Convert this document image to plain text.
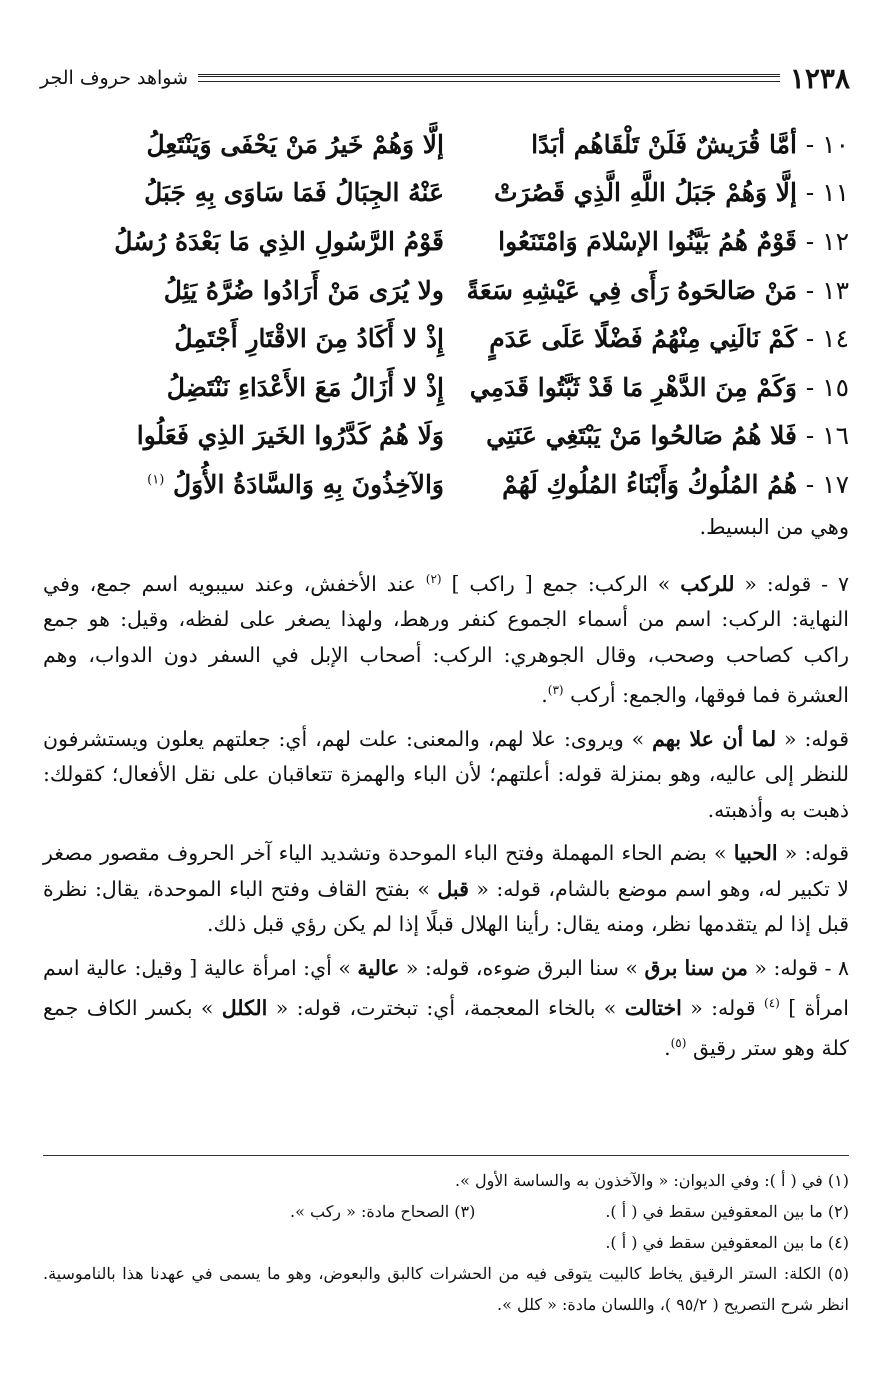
١٢٣٨
شواهد حروف الجر
١٠ - أمَّا قُرَيشٌ فَلَنْ تَلْقَاهُم أبَدًا
إلَّا وَهُمْ خَيرُ مَنْ يَحْفَى وَيَنْتَعِلُ
١١ - إلَّا وَهُمْ جَبَلُ اللَّهِ الَّذِي قَصُرَتْ
عَنْهُ الجِبَالُ فَمَا سَاوَى بِهِ جَبَلُ
١٢ - قَوْمٌ هُمُ بَيَّنُوا الإسْلامَ وَامْتَنَعُوا
قَوْمُ الرَّسُولِ الذِي مَا بَعْدَهُ رُسُلُ
١٣ - مَنْ صَالحَوهُ رَأَى فِي عَيْشِهِ سَعَةً
ولا يُرَى مَنْ أَرَادُوا ضُرَّهُ يَئِلُ
١٤ - كَمْ نَالَنِي مِنْهُمُ فَضْلًا عَلَى عَدَمٍ
إِذْ لا أَكَادُ مِنَ الاقْتَارِ أَجْتَمِلُ
١٥ - وَكَمْ مِنَ الدَّهْرِ مَا قَدْ ثَبَّتُوا قَدَمِي
إِذْ لا أَزَالُ مَعَ الأَعْدَاءِ نَنْتَضِلُ
١٦ - فَلا هُمُ صَالحُوا مَنْ يَبْتَغِي عَنَتِي
وَلَا هُمُ كَدَّرُوا الخَيرَ الذِي فَعَلُوا
١٧ - هُمُ المُلُوكُ وَأَبْنَاءُ المُلُوكِ لَهُمْ
وَالآخِذُونَ بِهِ وَالسَّادَةُ الأُوَلُ $^{(١)}$
وهي من البسيط.

٧ - قوله: « للركب » الركب: جمع [ راكب ] $^{(٢)}$ عند الأخفش، وعند سيبويه اسم جمع، وفي النهاية: الركب: اسم من أسماء الجموع كنفر ورهط، ولهذا يصغر على لفظه، وقيل: هو جمع راكب كصاحب وصحب، وقال الجوهري: الركب: أصحاب الإبل في السفر دون الدواب، وهم العشرة فما فوقها، والجمع: أركب $^{(٣)}$.

قوله: « لما أن علا بهم » ويروى: علا لهم، والمعنى: علت لهم، أي: جعلتهم يعلون ويستشرفون للنظر إلى عاليه، وهو بمنزلة قوله: أعلتهم؛ لأن الباء والهمزة تتعاقبان على نقل الأفعال؛ كقولك: ذهبت به وأذهبته.

قوله: « الحبيا » بضم الحاء المهملة وفتح الباء الموحدة وتشديد الياء آخر الحروف مقصور مصغر لا تكبير له، وهو اسم موضع بالشام، قوله: « قبل » بفتح القاف وفتح الباء الموحدة، يقال: نظرة قبل إذا لم يتقدمها نظر، ومنه يقال: رأينا الهلال قبلًا إذا لم يكن رؤي قبل ذلك.

٨ - قوله: « من سنا برق » سنا البرق ضوءه، قوله: « عالية » أي: امرأة عالية [ وقيل: عالية اسم امرأة ] $^{(٤)}$ قوله: « اختالت » بالخاء المعجمة، أي: تبخترت، قوله: « الكلل » بكسر الكاف جمع كلة وهو ستر رقيق $^{(٥)}$.

(١) في ( أ ): وفي الديوان: « والآخذون به والساسة الأول ».
(٢) ما بين المعقوفين سقط في ( أ ).
(٣) الصحاح مادة: « ركب ».
(٤) ما بين المعقوفين سقط في ( أ ).
(٥) الكلة: الستر الرقيق يخاط كالبيت يتوقى فيه من الحشرات كالبق والبعوض، وهو ما يسمى في عهدنا هذا بالناموسية. انظر شرح التصريح ( ٩٥/٢ )، واللسان مادة: « كلل ».
